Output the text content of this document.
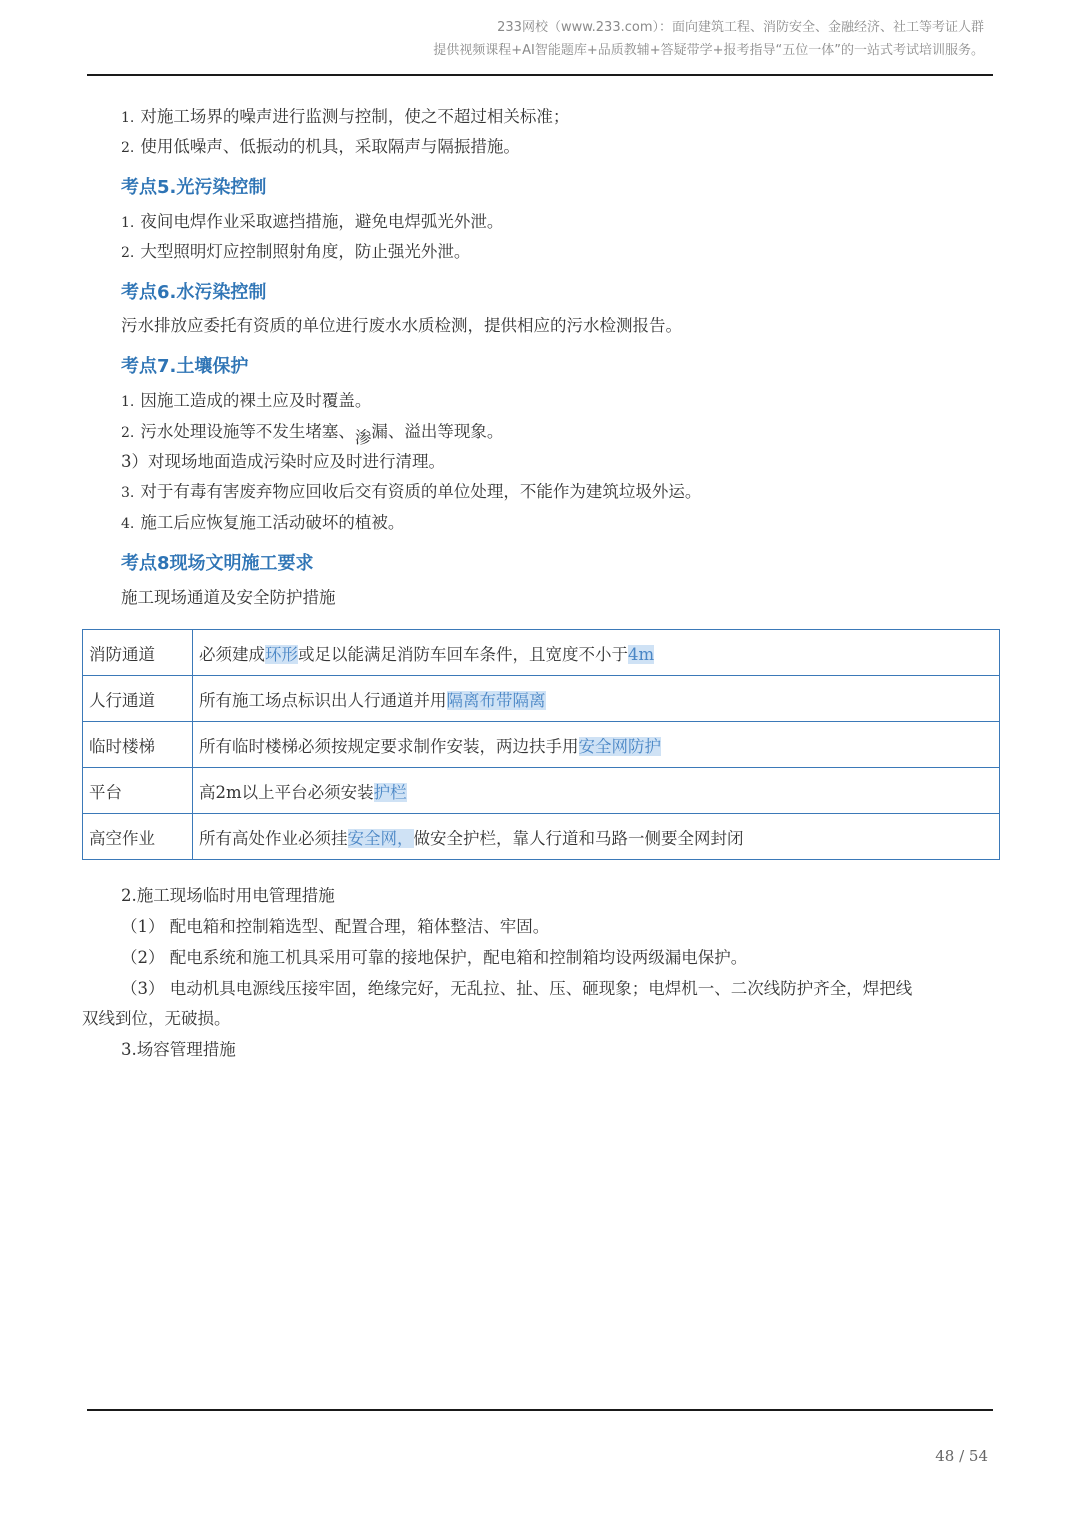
233网校（www.233.com）：面向建筑工程、消防安全、金融经济、社工等考证人群
提供视频课程+AI智能题库+品质教辅+答疑带学+报考指导“五位一体”的一站式考试培训服务。
1. 对施工场界的噪声进行监测与控制，使之不超过相关标准；
2. 使用低噪声、低振动的机具，采取隔声与隔振措施。
考点5.光污染控制
1. 夜间电焊作业采取遮挡措施，避免电焊弧光外泄。
2. 大型照明灯应控制照射角度，防止强光外泄。
考点6.水污染控制
污水排放应委托有资质的单位进行废水水质检测，提供相应的污水检测报告。
考点7.土壤保护
1. 因施工造成的裸土应及时覆盖。
2. 污水处理设施等不发生堵塞、渗漏、溢出等现象。
3）对现场地面造成污染时应及时进行清理。
3. 对于有毒有害废弃物应回收后交有资质的单位处理，不能作为建筑垃圾外运。
4. 施工后应恢复施工活动破坏的植被。
考点8现场文明施工要求
施工现场通道及安全防护措施
消防通道	必须建成环形或足以能满足消防车回车条件，且宽度不小于4m
人行通道	所有施工场点标识出人行通道并用隔离布带隔离
临时楼梯	所有临时楼梯必须按规定要求制作安装，两边扶手用安全网防护
平台	高2m以上平台必须安装护栏
高空作业	所有高处作业必须挂安全网，做安全护栏，靠人行道和马路一侧要全网封闭
2.施工现场临时用电管理措施
（1） 配电箱和控制箱选型、配置合理，箱体整洁、牢固。
（2） 配电系统和施工机具采用可靠的接地保护，配电箱和控制箱均设两级漏电保护。
（3） 电动机具电源线压接牢固，绝缘完好，无乱拉、扯、压、砸现象；电焊机一、二次线防护齐全，焊把线
双线到位，无破损。
3.场容管理措施
48 / 54
